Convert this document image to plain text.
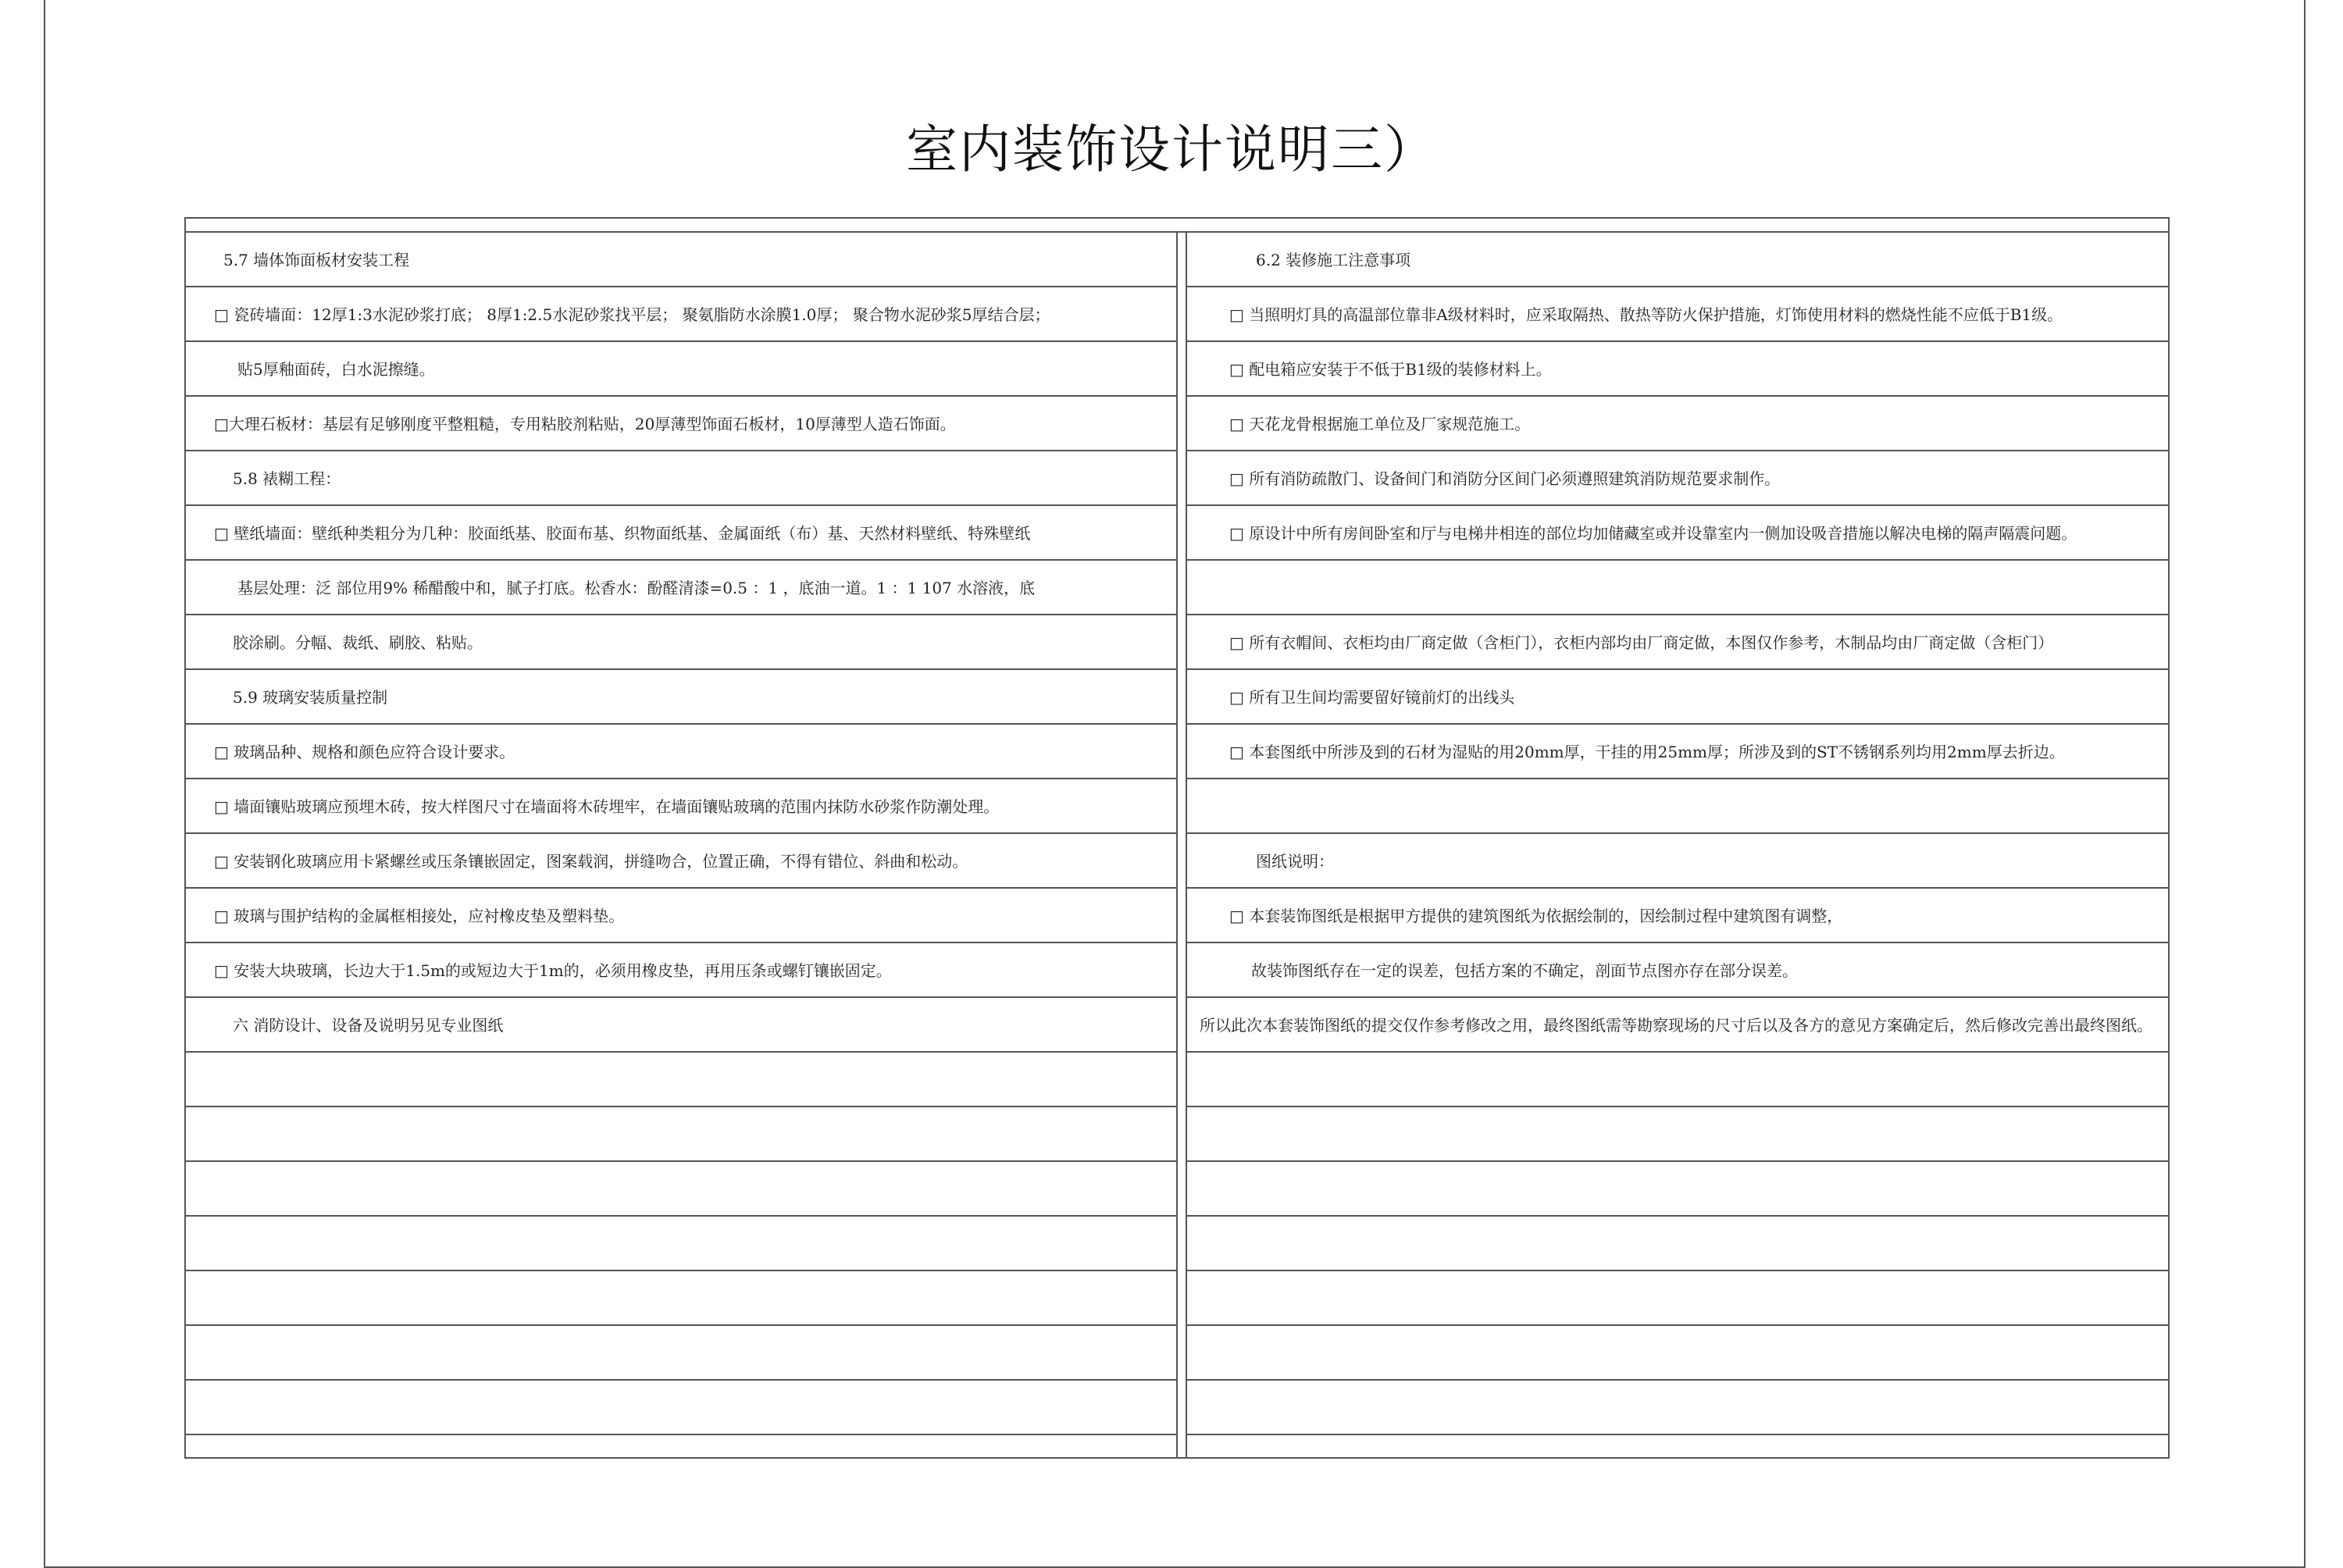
室内装饰设计说明三）
5.7 墙体饰面板材安装工程
□ 瓷砖墙面：12厚1:3水泥砂浆打底； 8厚1:2.5水泥砂浆找平层； 聚氨脂防水涂膜1.0厚； 聚合物水泥砂浆5厚结合层；
贴5厚釉面砖，白水泥擦缝。
□大理石板材：基层有足够刚度平整粗糙，专用粘胶剂粘贴，20厚薄型饰面石板材，10厚薄型人造石饰面。
5.8 裱糊工程：
□ 壁纸墙面：壁纸种类粗分为几种：胶面纸基、胶面布基、织物面纸基、金属面纸（布）基、天然材料壁纸、特殊壁纸
基层处理：泛 部位用9% 稀醋酸中和，腻子打底。松香水：酚醛清漆=0.5 ：1 ，底油一道。1 ：1 107 水溶液，底
胶涂刷。分幅、裁纸、刷胶、粘贴。
5.9 玻璃安装质量控制
□ 玻璃品种、规格和颜色应符合设计要求。
□ 墙面镶贴玻璃应预埋木砖，按大样图尺寸在墙面将木砖埋牢，在墙面镶贴玻璃的范围内抹防水砂浆作防潮处理。
□ 安装钢化玻璃应用卡紧螺丝或压条镶嵌固定，图案载润，拼缝吻合，位置正确，不得有错位、斜曲和松动。
□ 玻璃与围护结构的金属框相接处，应衬橡皮垫及塑料垫。
□ 安装大块玻璃，长边大于1.5m的或短边大于1m的，必须用橡皮垫，再用压条或螺钉镶嵌固定。
六 消防设计、设备及说明另见专业图纸
6.2 装修施工注意事项
□ 当照明灯具的高温部位靠非A级材料时，应采取隔热、散热等防火保护措施，灯饰使用材料的燃烧性能不应低于B1级。
□ 配电箱应安装于不低于B1级的装修材料上。
□ 天花龙骨根据施工单位及厂家规范施工。
□ 所有消防疏散门、设备间门和消防分区间门必须遵照建筑消防规范要求制作。
□ 原设计中所有房间卧室和厅与电梯井相连的部位均加储藏室或并设靠室内一侧加设吸音措施以解决电梯的隔声隔震问题。
□ 所有衣帽间、衣柜均由厂商定做（含柜门），衣柜内部均由厂商定做，本图仅作参考，木制品均由厂商定做（含柜门）
□ 所有卫生间均需要留好镜前灯的出线头
□ 本套图纸中所涉及到的石材为湿贴的用20mm厚，干挂的用25mm厚；所涉及到的ST不锈钢系列均用2mm厚去折边。
图纸说明：
□ 本套装饰图纸是根据甲方提供的建筑图纸为依据绘制的，因绘制过程中建筑图有调整，
故装饰图纸存在一定的误差，包括方案的不确定，剖面节点图亦存在部分误差。
所以此次本套装饰图纸的提交仅作参考修改之用，最终图纸需等勘察现场的尺寸后以及各方的意见方案确定后，然后修改完善出最终图纸。
